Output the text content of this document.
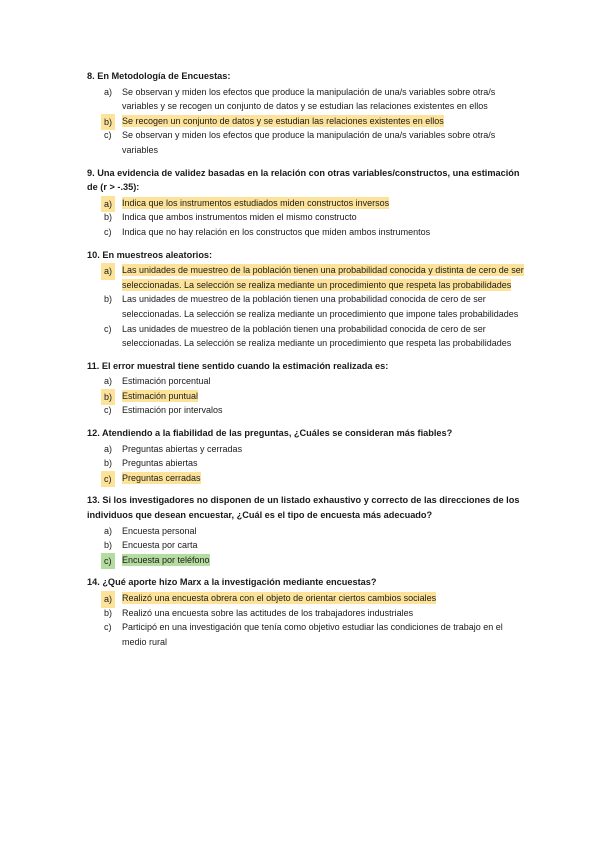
8. En Metodología de Encuestas:
a) Se observan y miden los efectos que produce la manipulación de una/s variables sobre otra/s variables y se recogen un conjunto de datos y se estudian las relaciones existentes en ellos
b)	Se recogen un conjunto de datos y se estudian las relaciones existentes en ellos
c) Se observan y miden los efectos que produce la manipulación de una/s variables sobre otra/s variables
9. Una evidencia de validez basadas en la relación con otras variables/constructos, una estimación de (r > -.35):
a)	Indica que los instrumentos estudiados miden constructos inversos
b) Indica que ambos instrumentos miden el mismo constructo
c) Indica que no hay relación en los constructos que miden ambos instrumentos
10. En muestreos aleatorios:
a)	Las unidades de muestreo de la población tienen una probabilidad conocida y distinta de cero de ser seleccionadas. La selección se realiza mediante un procedimiento que respeta las probabilidades
b) Las unidades de muestreo de la población tienen una probabilidad conocida de cero de ser seleccionadas. La selección se realiza mediante un procedimiento que impone tales probabilidades
c) Las unidades de muestreo de la población tienen una probabilidad conocida de cero de ser seleccionadas. La selección se realiza mediante un procedimiento que respeta las probabilidades
11. El error muestral tiene sentido cuando la estimación realizada es:
a) Estimación porcentual
b)	Estimación puntual
c) Estimación por intervalos
12. Atendiendo a la fiabilidad de las preguntas, ¿Cuáles se consideran más fiables?
a) Preguntas abiertas y cerradas
b) Preguntas abiertas
c)	Preguntas cerradas
13. Si los investigadores no disponen de un listado exhaustivo y correcto de las direcciones de los individuos que desean encuestar, ¿Cuál es el tipo de encuesta más adecuado?
a) Encuesta personal
b) Encuesta por carta
c)	Encuesta por teléfono
14. ¿Qué aporte hizo Marx a la investigación mediante encuestas?
a)	Realizó una encuesta obrera con el objeto de orientar ciertos cambios sociales
b) Realizó una encuesta sobre las actitudes de los trabajadores industriales
c) Participó en una investigación que tenía como objetivo estudiar las condiciones de trabajo en el medio rural
